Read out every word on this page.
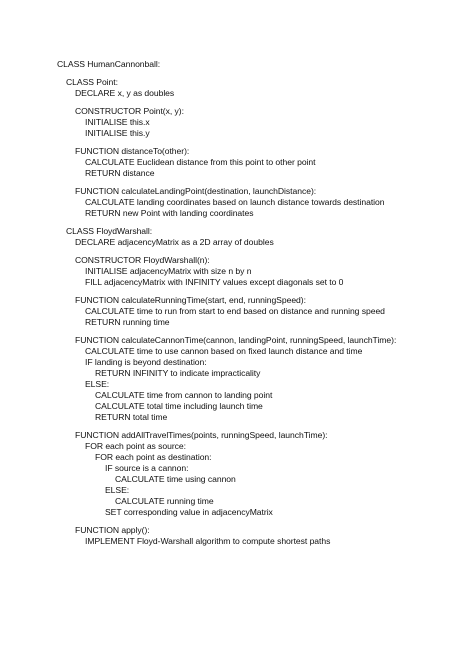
CLASS HumanCannonball:
CLASS Point:
DECLARE x, y as doubles
CONSTRUCTOR Point(x, y):
INITIALISE this.x
INITIALISE this.y
FUNCTION distanceTo(other):
CALCULATE Euclidean distance from this point to other point
RETURN distance
FUNCTION calculateLandingPoint(destination, launchDistance):
CALCULATE landing coordinates based on launch distance towards destination
RETURN new Point with landing coordinates
CLASS FloydWarshall:
DECLARE adjacencyMatrix as a 2D array of doubles
CONSTRUCTOR FloydWarshall(n):
INITIALISE adjacencyMatrix with size n by n
FILL adjacencyMatrix with INFINITY values except diagonals set to 0
FUNCTION calculateRunningTime(start, end, runningSpeed):
CALCULATE time to run from start to end based on distance and running speed
RETURN running time
FUNCTION calculateCannonTime(cannon, landingPoint, runningSpeed, launchTime):
CALCULATE time to use cannon based on fixed launch distance and time
IF landing is beyond destination:
RETURN INFINITY to indicate impracticality
ELSE:
CALCULATE time from cannon to landing point
CALCULATE total time including launch time
RETURN total time
FUNCTION addAllTravelTimes(points, runningSpeed, launchTime):
FOR each point as source:
FOR each point as destination:
IF source is a cannon:
CALCULATE time using cannon
ELSE:
CALCULATE running time
SET corresponding value in adjacencyMatrix
FUNCTION apply():
IMPLEMENT Floyd-Warshall algorithm to compute shortest paths
